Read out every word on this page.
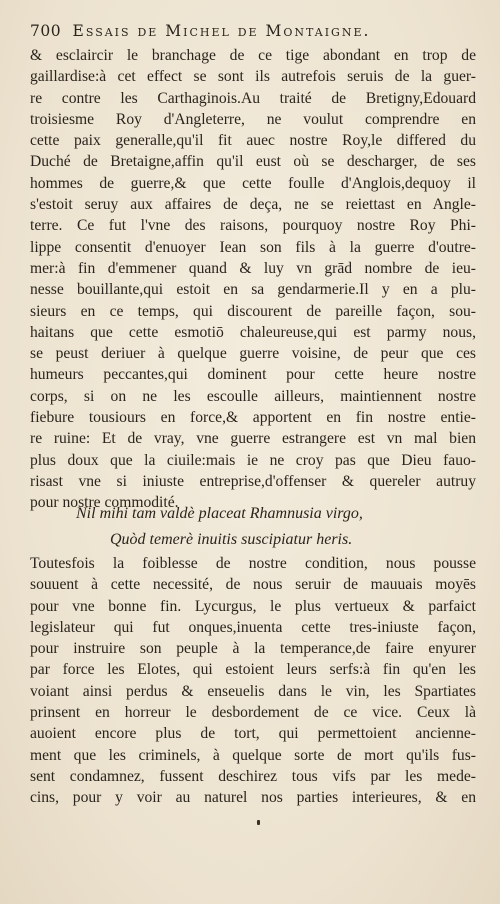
700 Essais de Michel de Montaigne.
& esclaircir le branchage de ce tige abondant en trop de
gaillardise:à cet effect se sont ils autrefois seruis de la guer-
re contre les Carthaginois.Au traité de Bretigny,Edouard
troisiesme Roy d'Angleterre, ne voulut comprendre en
cette paix generalle,qu'il fit auec nostre Roy,le differed du
Duché de Bretaigne,affin qu'il eust où se descharger, de ses
hommes de guerre,& que cette foulle d'Anglois,dequoy il
s'estoit seruy aux affaires de deça, ne se reiettast en Angle-
terre. Ce fut l'vne des raisons, pourquoy nostre Roy Phi-
lippe consentit d'enuoyer Iean son fils à la guerre d'outre-
mer:à fin d'emmener quand & luy vn grād nombre de ieu-
nesse bouillante,qui estoit en sa gendarmerie.Il y en a plu-
sieurs en ce temps, qui discourent de pareille façon, sou-
haitans que cette esmotiō chaleureuse,qui est parmy nous,
se peust deriuer à quelque guerre voisine, de peur que ces
humeurs peccantes,qui dominent pour cette heure nostre
corps, si on ne les escoulle ailleurs, maintiennent nostre
fiebure tousiours en force,& apportent en fin nostre entie-
re ruine: Et de vray, vne guerre estrangere est vn mal bien
plus doux que la ciuile:mais ie ne croy pas que Dieu fauo-
risast vne si iniuste entreprise,d'offenser & quereler autruy
pour nostre commodité.
Nil mihi tam valdè placeat Rhamnusia virgo,
Quòd temerè inuitis suscipiatur heris.
Toutesfois la foiblesse de nostre condition, nous pousse
souuent à cette necessité, de nous seruir de mauuais moyēs
pour vne bonne fin. Lycurgus, le plus vertueux & parfaict
legislateur qui fut onques,inuenta cette tres-iniuste façon,
pour instruire son peuple à la temperance,de faire enyurer
par force les Elotes, qui estoient leurs serfs:à fin qu'en les
voiant ainsi perdus & enseuelis dans le vin, les Spartiates
prinsent en horreur le desbordement de ce vice. Ceux là
auoient encore plus de tort, qui permettoient ancienne-
ment que les criminels, à quelque sorte de mort qu'ils fus-
sent condamnez, fussent deschirez tous vifs par les mede-
cins, pour y voir au naturel nos parties interieures, & en
